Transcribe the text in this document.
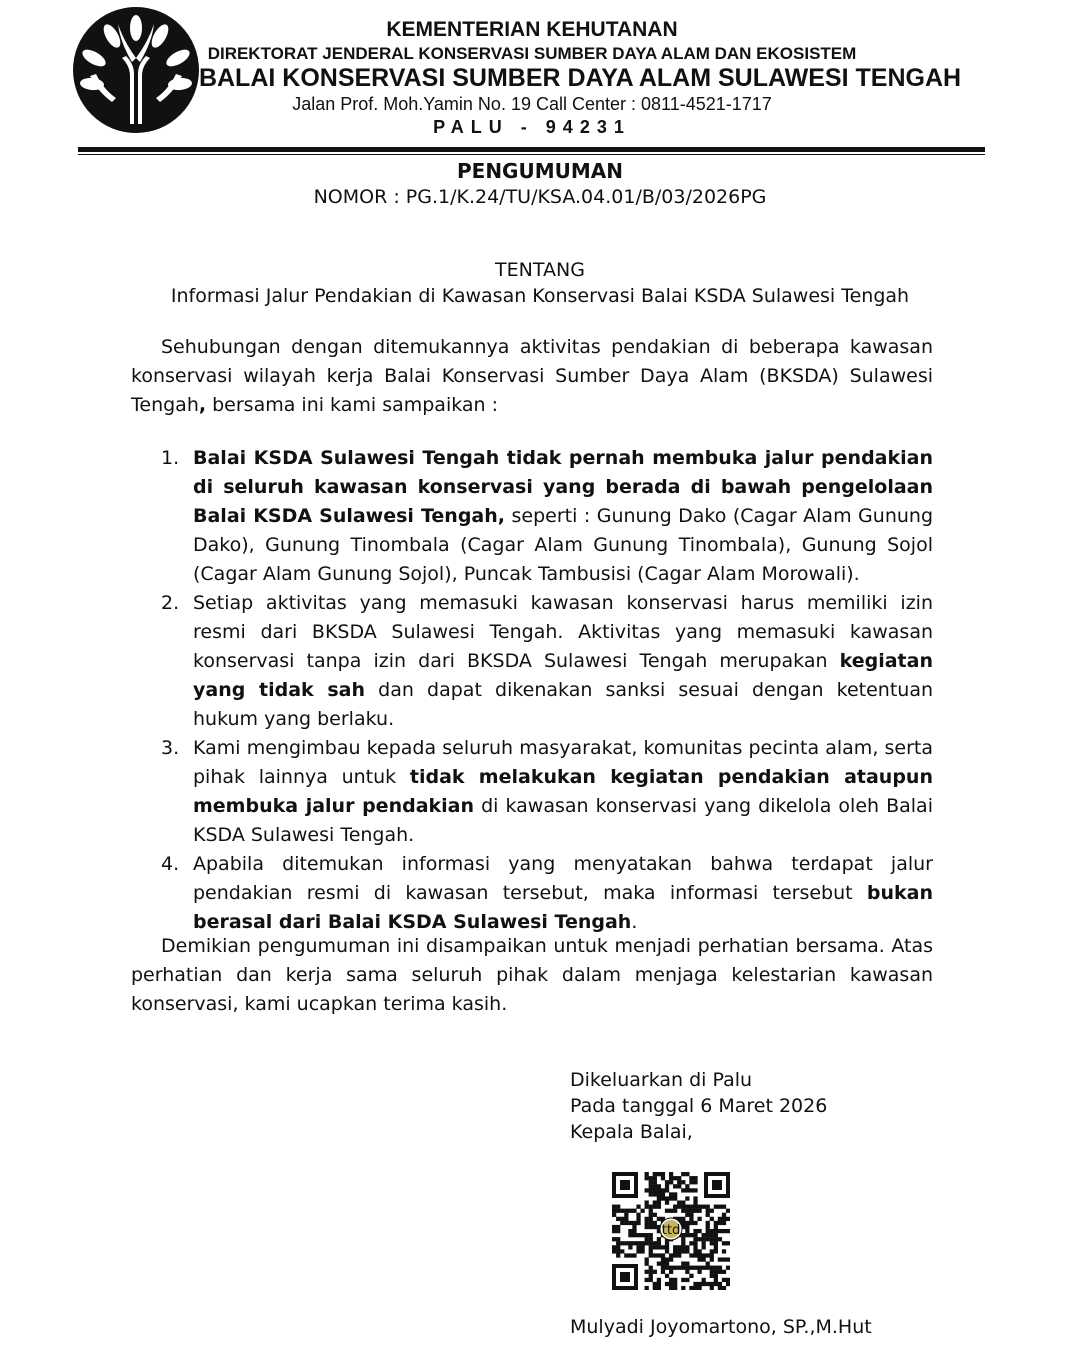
KEMENTERIAN KEHUTANAN
DIREKTORAT JENDERAL KONSERVASI SUMBER DAYA ALAM DAN EKOSISTEM
BALAI KONSERVASI SUMBER DAYA ALAM SULAWESI TENGAH
Jalan Prof. Moh.Yamin No. 19 Call Center : 0811-4521-1717
PALU - 94231
PENGUMUMAN
NOMOR : PG.1/K.24/TU/KSA.04.01/B/03/2026PG
TENTANG
Informasi Jalur Pendakian di Kawasan Konservasi Balai KSDA Sulawesi Tengah
Sehubungan dengan ditemukannya aktivitas pendakian di beberapa kawasan konservasi wilayah kerja Balai Konservasi Sumber Daya Alam (BKSDA) Sulawesi Tengah, bersama ini kami sampaikan :
1. Balai KSDA Sulawesi Tengah tidak pernah membuka jalur pendakian di seluruh kawasan konservasi yang berada di bawah pengelolaan Balai KSDA Sulawesi Tengah, seperti : Gunung Dako (Cagar Alam Gunung Dako), Gunung Tinombala (Cagar Alam Gunung Tinombala), Gunung Sojol (Cagar Alam Gunung Sojol), Puncak Tambusisi (Cagar Alam Morowali).
2. Setiap aktivitas yang memasuki kawasan konservasi harus memiliki izin resmi dari BKSDA Sulawesi Tengah. Aktivitas yang memasuki kawasan konservasi tanpa izin dari BKSDA Sulawesi Tengah merupakan kegiatan yang tidak sah dan dapat dikenakan sanksi sesuai dengan ketentuan hukum yang berlaku.
3. Kami mengimbau kepada seluruh masyarakat, komunitas pecinta alam, serta pihak lainnya untuk tidak melakukan kegiatan pendakian ataupun membuka jalur pendakian di kawasan konservasi yang dikelola oleh Balai KSDA Sulawesi Tengah.
4. Apabila ditemukan informasi yang menyatakan bahwa terdapat jalur pendakian resmi di kawasan tersebut, maka informasi tersebut bukan berasal dari Balai KSDA Sulawesi Tengah.
Demikian pengumuman ini disampaikan untuk menjadi perhatian bersama. Atas perhatian dan kerja sama seluruh pihak dalam menjaga kelestarian kawasan konservasi, kami ucapkan terima kasih.
Dikeluarkan di Palu
Pada tanggal 6 Maret 2026
Kepala Balai,
ttd
Mulyadi Joyomartono, SP.,M.Hut
